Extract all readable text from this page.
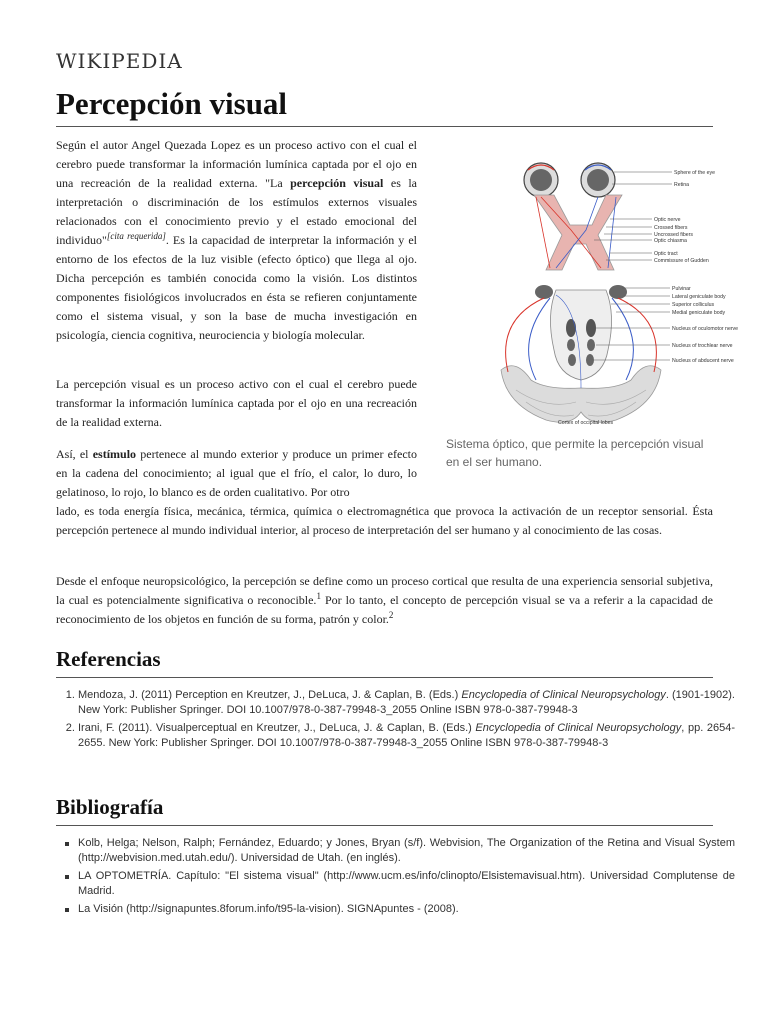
WIKIPEDIA
Percepción visual

Según el autor Angel Quezada Lopez es un proceso activo con el cual el cerebro puede transformar la información lumínica captada por el ojo en una recreación de la realidad externa. "La percepción visual es la interpretación o discriminación de los estímulos externos visuales relacionados con el conocimiento previo y el estado emocional del individuo"[cita requerida]. Es la capacidad de interpretar la información y el entorno de los efectos de la luz visible (efecto óptico) que llega al ojo. Dicha percepción es también conocida como la visión. Los distintos componentes fisiológicos involucrados en ésta se refieren conjuntamente como el sistema visual, y son la base de mucha investigación en psicología, ciencia cognitiva, neurociencia y biología molecular.

La percepción visual es un proceso activo con el cual el cerebro puede transformar la información lumínica captada por el ojo en una recreación de la realidad externa.

Así, el estímulo pertenece al mundo exterior y produce un primer efecto en la cadena del conocimiento; al igual que el frío, el calor, lo duro, lo gelatinoso, lo rojo, lo blanco es de orden cualitativo. Por otro

lado, es toda energía física, mecánica, térmica, química o electromagnética que provoca la activación de un receptor sensorial. Ésta percepción pertenece al mundo individual interior, al proceso de interpretación del ser humano y al conocimiento de las cosas.

Desde el enfoque neuropsicológico, la percepción se define como un proceso cortical que resulta de una experiencia sensorial subjetiva, la cual es potencialmente significativa o reconocible.$^1$ Por lo tanto, el concepto de percepción visual se va a referir a la capacidad de reconocimiento de los objetos en función de su forma, patrón y color.$^2$

Sphere of the eye
Retina
Optic nerve
Crossed fibers
Uncrossed fibers
Optic chiasma
Optic tract
Commissure of Gudden
Pulvinar
Lateral geniculate body
Superior colliculus
Medial geniculate body
Nucleus of oculomotor nerve
Nucleus of trochlear nerve
Nucleus of abducent nerve
Cortex of occipital lobes
Sistema óptico, que permite la percepción visual en el ser humano.
Referencias
1. Mendoza, J. (2011) Perception en Kreutzer, J., DeLuca, J. & Caplan, B. (Eds.) Encyclopedia of Clinical Neuropsychology. (1901-1902). New York: Publisher Springer. DOI 10.1007/978-0-387-79948-3_2055 Online ISBN 978-0-387-79948-3
2. Irani, F. (2011). Visualperceptual en Kreutzer, J., DeLuca, J. & Caplan, B. (Eds.) Encyclopedia of Clinical Neuropsychology, pp. 2654-2655. New York: Publisher Springer. DOI 10.1007/978-0-387-79948-3_2055 Online ISBN 978-0-387-79948-3
Bibliografía
Kolb, Helga; Nelson, Ralph; Fernández, Eduardo; y Jones, Bryan (s/f). Webvision, The Organization of the Retina and Visual System (http://webvision.med.utah.edu/). Universidad de Utah. (en inglés).
LA OPTOMETRÍA. Capítulo: "El sistema visual" (http://www.ucm.es/info/clinopto/Elsistemavisual.htm). Universidad Complutense de Madrid.
La Visión (http://signapuntes.8forum.info/t95-la-vision). SIGNApuntes - (2008).
